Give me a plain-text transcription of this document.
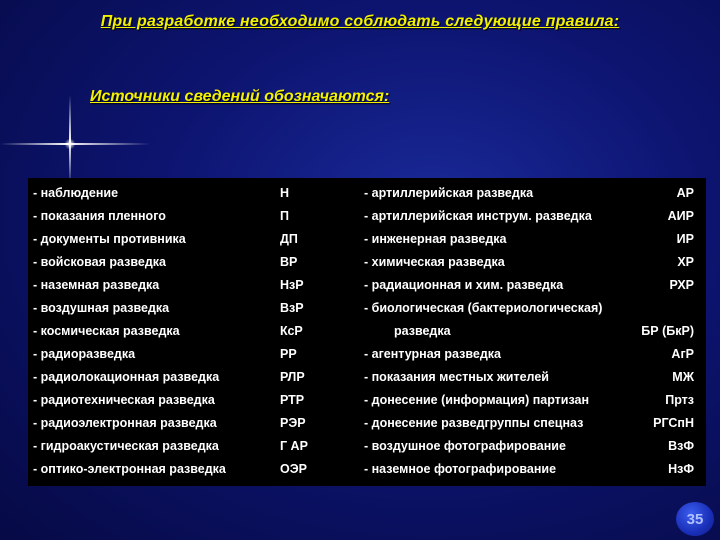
При разработке необходимо соблюдать следующие правила:
Источники сведений обозначаются:
- наблюдение	Н	- артиллерийская разведка	АР
- показания пленного	П	- артиллерийская инструм. разведка	АИР
- документы противника	ДП	- инженерная разведка	ИР
- войсковая разведка	ВР	- химическая разведка	ХР
- наземная разведка	НзР	- радиационная и хим. разведка	РХР
- воздушная разведка	ВзР	- биологическая (бактериологическая)
- космическая разведка	КсР	разведка	БР (БкР)
- радиоразведка	РР	- агентурная разведка	АгР
- радиолокационная разведка	РЛР	- показания местных жителей	МЖ
- радиотехническая разведка	РТР	- донесение (информация) партизан	Пртз
- радиоэлектронная разведка	РЭР	- донесение разведгруппы спецназ	РГСпН
- гидроакустическая разведка	Г АР	- воздушное фотографирование	ВзФ
- оптико-электронная разведка	ОЭР	- наземное фотографирование	НзФ
35
